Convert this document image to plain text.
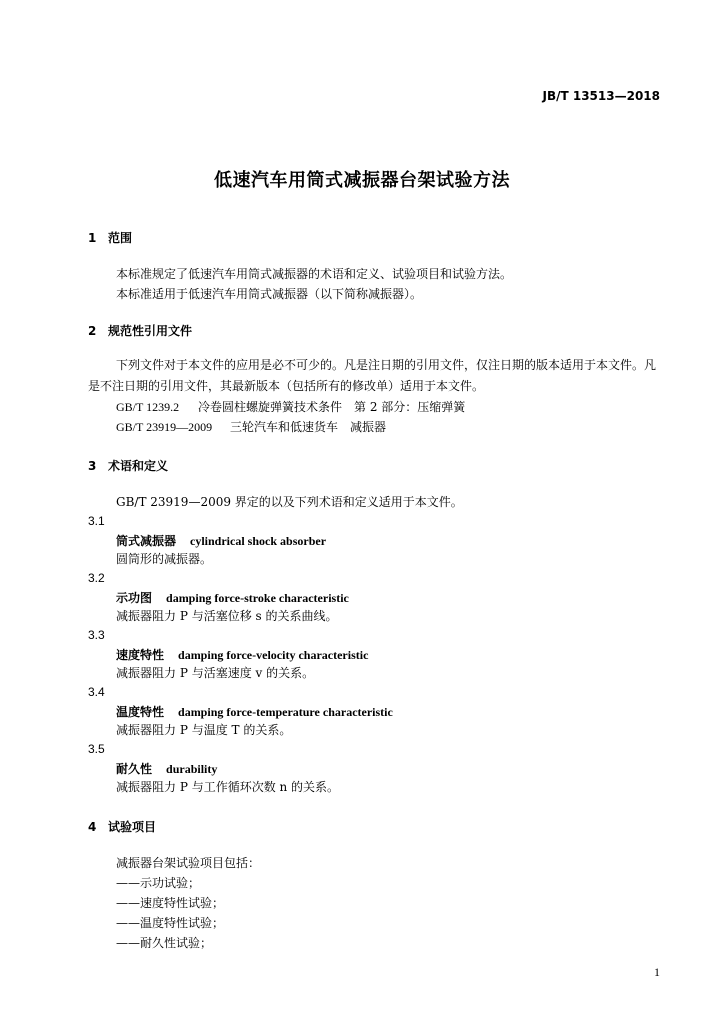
JB/T 13513—2018
低速汽车用筒式减振器台架试验方法
1 范围
本标准规定了低速汽车用筒式减振器的术语和定义、试验项目和试验方法。
本标准适用于低速汽车用筒式减振器（以下简称减振器）。
2 规范性引用文件
下列文件对于本文件的应用是必不可少的。凡是注日期的引用文件，仅注日期的版本适用于本文件。凡是不注日期的引用文件，其最新版本（包括所有的修改单）适用于本文件。
GB/T 1239.2 冷卷圆柱螺旋弹簧技术条件　第 2 部分：压缩弹簧
GB/T 23919—2009 三轮汽车和低速货车　减振器
3 术语和定义
GB/T 23919—2009 界定的以及下列术语和定义适用于本文件。
3.1
筒式减振器 cylindrical shock absorber
圆筒形的减振器。
3.2
示功图 damping force-stroke characteristic
减振器阻力 P 与活塞位移 s 的关系曲线。
3.3
速度特性 damping force-velocity characteristic
减振器阻力 P 与活塞速度 v 的关系。
3.4
温度特性 damping force-temperature characteristic
减振器阻力 P 与温度 T 的关系。
3.5
耐久性 durability
减振器阻力 P 与工作循环次数 n 的关系。
4 试验项目
减振器台架试验项目包括：
——示功试验；
——速度特性试验；
——温度特性试验；
——耐久性试验；
1
